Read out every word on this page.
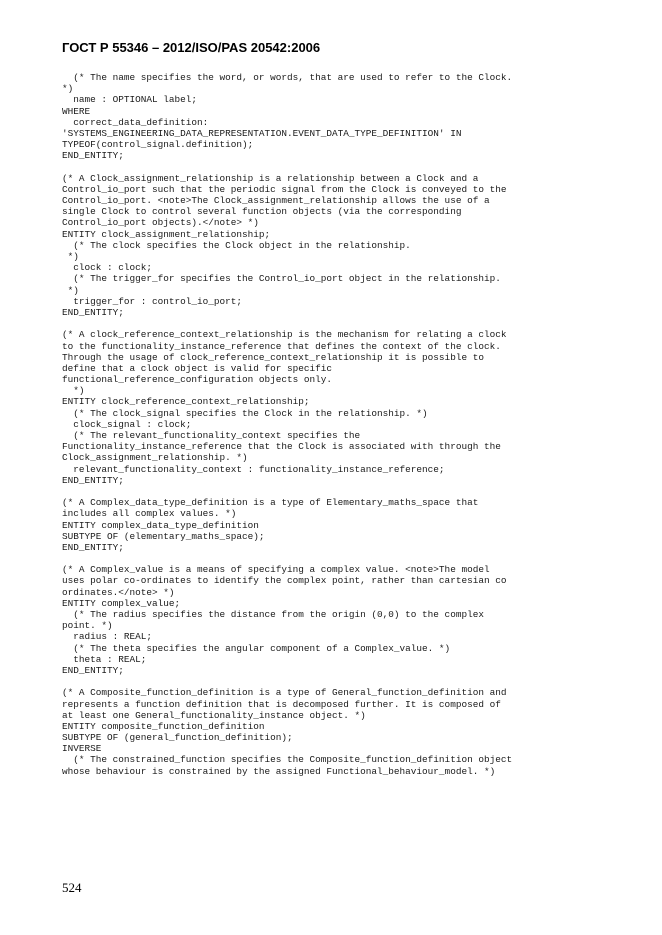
ГОСТ Р 55346 – 2012/ISO/PAS 20542:2006
(* The name specifies the word, or words, that are used to refer to the Clock.
*)
name : OPTIONAL label;
WHERE
correct_data_definition:
'SYSTEMS_ENGINEERING_DATA_REPRESENTATION.EVENT_DATA_TYPE_DEFINITION' IN
TYPEOF(control_signal.definition);
END_ENTITY;
(* A Clock_assignment_relationship is a relationship between a Clock and a
Control_io_port such that the periodic signal from the Clock is conveyed to the
Control_io_port. <note>The Clock_assignment_relationship allows the use of a
single Clock to control several function objects (via the corresponding
Control_io_port objects).</note> *)
ENTITY clock_assignment_relationship;
(* The clock specifies the Clock object in the relationship.
*)
clock : clock;
(* The trigger_for specifies the Control_io_port object in the relationship.
*)
trigger_for : control_io_port;
END_ENTITY;
(* A clock_reference_context_relationship is the mechanism for relating a clock
to the functionality_instance_reference that defines the context of the clock.
Through the usage of clock_reference_context_relationship it is possible to
define that a clock object is valid for specific
functional_reference_configuration objects only.
*)
ENTITY clock_reference_context_relationship;
(* The clock_signal specifies the Clock in the relationship. *)
clock_signal : clock;
(* The relevant_functionality_context specifies the
Functionality_instance_reference that the Clock is associated with through the
Clock_assignment_relationship. *)
relevant_functionality_context : functionality_instance_reference;
END_ENTITY;
(* A Complex_data_type_definition is a type of Elementary_maths_space that
includes all complex values. *)
ENTITY complex_data_type_definition
SUBTYPE OF (elementary_maths_space);
END_ENTITY;
(* A Complex_value is a means of specifying a complex value. <note>The model
uses polar co-ordinates to identify the complex point, rather than cartesian co
ordinates.</note> *)
ENTITY complex_value;
(* The radius specifies the distance from the origin (0,0) to the complex
point. *)
radius : REAL;
(* The theta specifies the angular component of a Complex_value. *)
theta : REAL;
END_ENTITY;
(* A Composite_function_definition is a type of General_function_definition and
represents a function definition that is decomposed further. It is composed of
at least one General_functionality_instance object. *)
ENTITY composite_function_definition
SUBTYPE OF (general_function_definition);
INVERSE
(* The constrained_function specifies the Composite_function_definition object
whose behaviour is constrained by the assigned Functional_behaviour_model. *)
524
